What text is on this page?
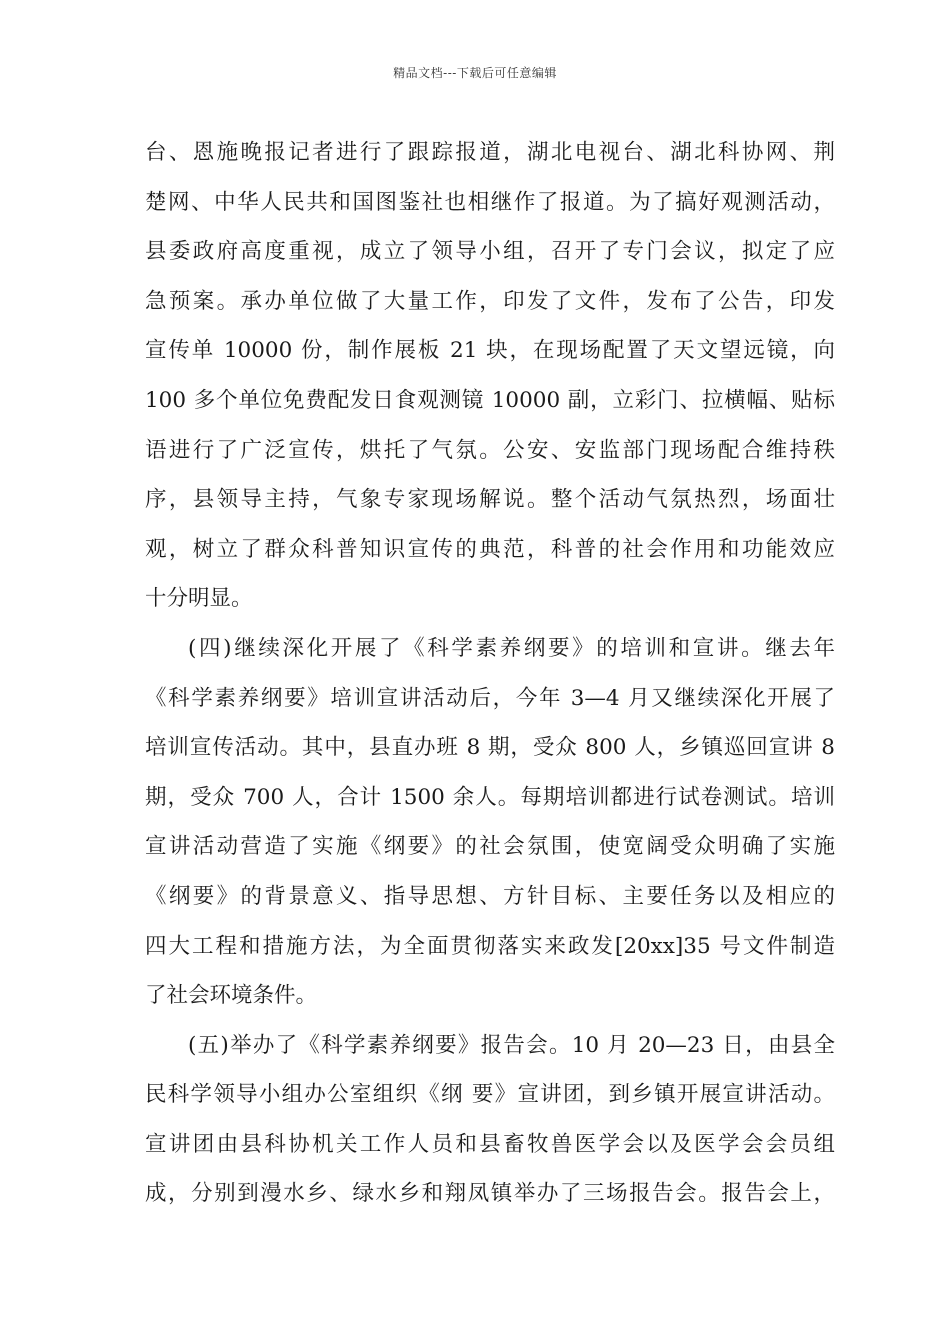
精品文档---下载后可任意编辑
台、恩施晚报记者进行了跟踪报道，湖北电视台、湖北科协网、荆
楚网、中华人民共和国图鉴社也相继作了报道。为了搞好观测活动，
县委政府高度重视，成立了领导小组，召开了专门会议，拟定了应
急预案。承办单位做了大量工作，印发了文件，发布了公告，印发
宣传单 10000 份，制作展板 21 块，在现场配置了天文望远镜，向
100 多个单位免费配发日食观测镜 10000 副，立彩门、拉横幅、贴标
语进行了广泛宣传，烘托了气氛。公安、安监部门现场配合维持秩
序，县领导主持，气象专家现场解说。整个活动气氛热烈，场面壮
观，树立了群众科普知识宣传的典范，科普的社会作用和功能效应
十分明显。
(四)继续深化开展了《科学素养纲要》的培训和宣讲。继去年
《科学素养纲要》培训宣讲活动后，今年 3—4 月又继续深化开展了
培训宣传活动。其中，县直办班 8 期，受众 800 人，乡镇巡回宣讲 8
期，受众 700 人，合计 1500 余人。每期培训都进行试卷测试。培训
宣讲活动营造了实施《纲要》的社会氛围，使宽阔受众明确了实施
《纲要》的背景意义、指导思想、方针目标、主要任务以及相应的
四大工程和措施方法，为全面贯彻落实来政发[20xx]35 号文件制造
了社会环境条件。
(五)举办了《科学素养纲要》报告会。10 月 20—23 日，由县全
民科学领导小组办公室组织《纲 要》宣讲团，到乡镇开展宣讲活动。
宣讲团由县科协机关工作人员和县畜牧兽医学会以及医学会会员组
成，分别到漫水乡、绿水乡和翔凤镇举办了三场报告会。报告会上，
